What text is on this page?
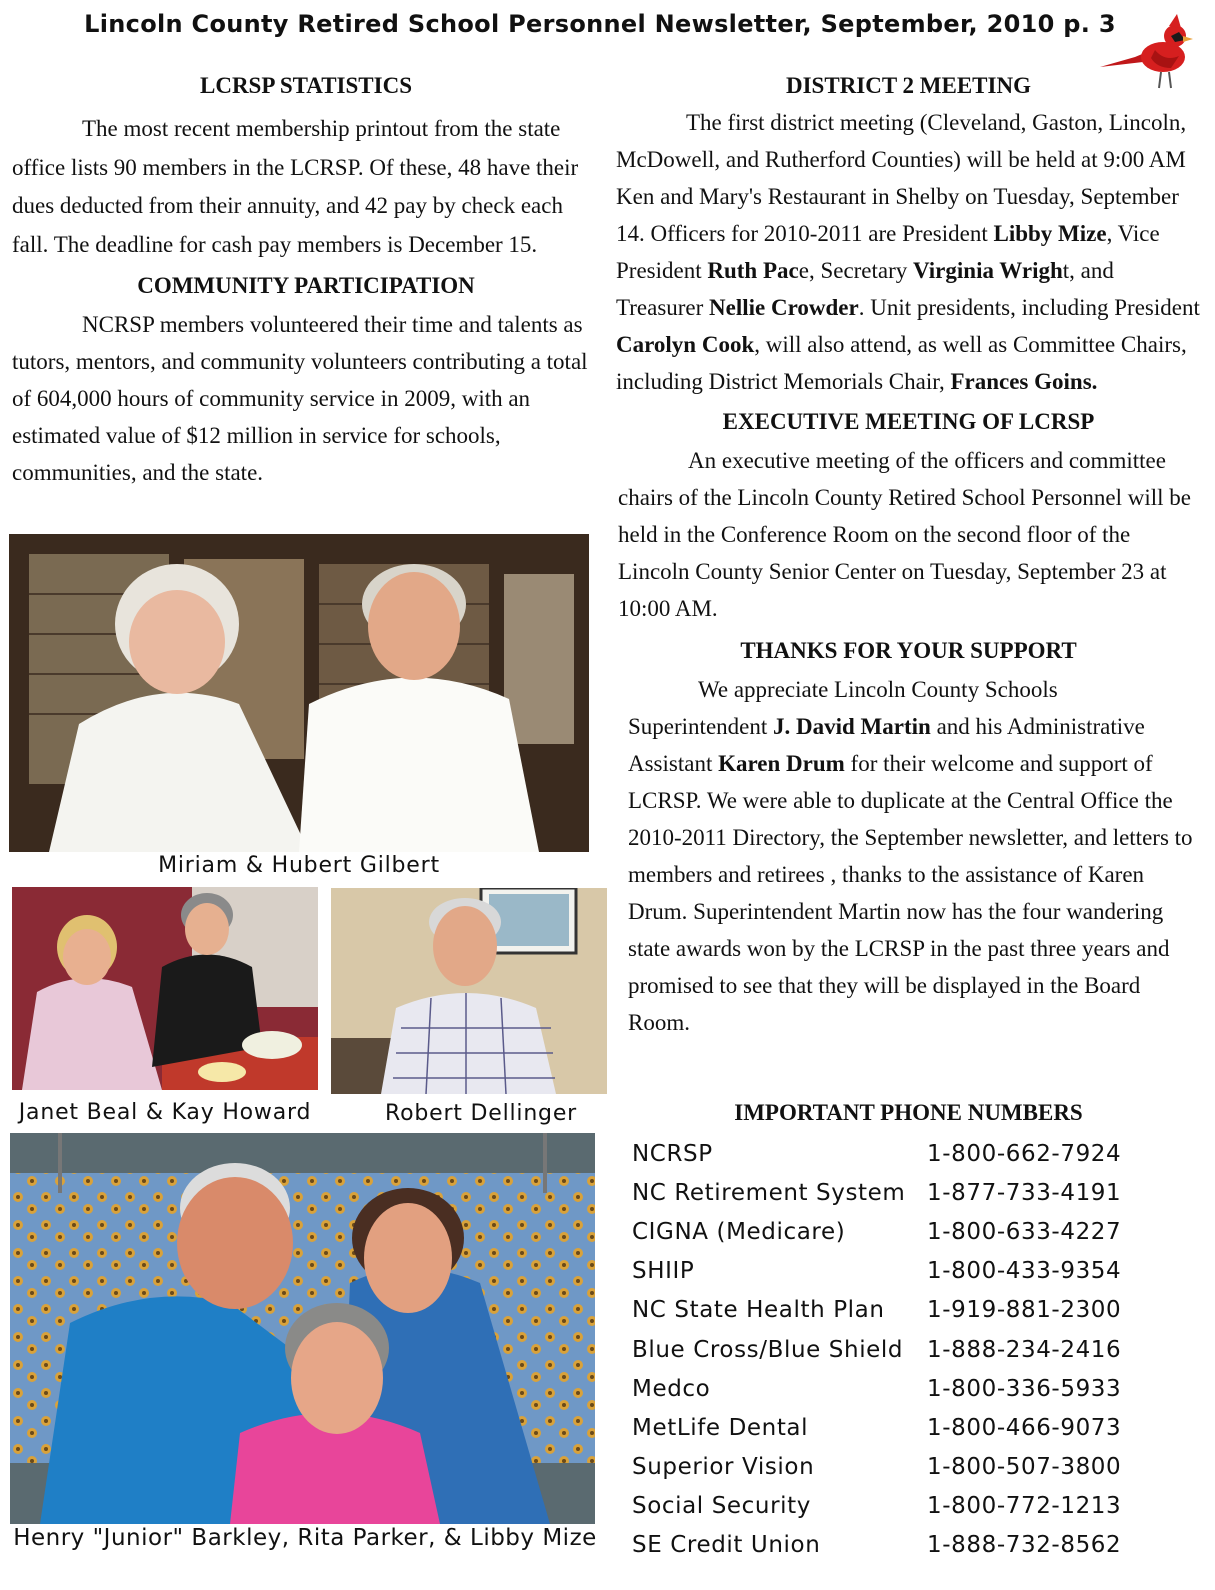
Lincoln County Retired School Personnel Newsletter, September, 2010 p. 3
LCRSP STATISTICS

The most recent membership printout from the state office lists 90 members in the LCRSP. Of these, 48 have their dues deducted from their annuity, and 42 pay by check each fall. The deadline for cash pay members is December 15.

COMMUNITY PARTICIPATION

NCRSP members volunteered their time and talents as tutors, mentors, and community volunteers contributing a total of 604,000 hours of community service in 2009, with an estimated value of $12 million in service for schools, communities, and the state.

Miriam & Hubert Gilbert
Janet Beal & Kay Howard	Robert Dellinger
Henry "Junior" Barkley, Rita Parker, & Libby Mize
DISTRICT 2 MEETING

The first district meeting (Cleveland, Gaston, Lincoln, McDowell, and Rutherford Counties) will be held at 9:00 AM Ken and Mary's Restaurant in Shelby on Tuesday, September 14. Officers for 2010-2011 are President Libby Mize, Vice President Ruth Pace, Secretary Virginia Wright, and Treasurer Nellie Crowder. Unit presidents, including President Carolyn Cook, will also attend, as well as Committee Chairs, including District Memorials Chair, Frances Goins.

EXECUTIVE MEETING OF LCRSP

An executive meeting of the officers and committee chairs of the Lincoln County Retired School Personnel will be held in the Conference Room on the second floor of the Lincoln County Senior Center on Tuesday, September 23 at 10:00 AM.

THANKS FOR YOUR SUPPORT

We appreciate Lincoln County Schools Superintendent J. David Martin and his Administrative Assistant Karen Drum for their welcome and support of LCRSP. We were able to duplicate at the Central Office the 2010-2011 Directory, the September newsletter, and letters to members and retirees , thanks to the assistance of Karen Drum. Superintendent Martin now has the four wandering state awards won by the LCRSP in the past three years and promised to see that they will be displayed in the Board Room.

IMPORTANT PHONE NUMBERS
NCRSP	1-800-662-7924
NC Retirement System 1-877-733-4191
CIGNA (Medicare)	1-800-633-4227
SHIIP	1-800-433-9354
NC State Health Plan	1-919-881-2300
Blue Cross/Blue Shield	1-888-234-2416
Medco	1-800-336-5933
MetLife Dental	1-800-466-9073
Superior Vision	1-800-507-3800
Social Security	1-800-772-1213
SE Credit Union	1-888-732-8562
